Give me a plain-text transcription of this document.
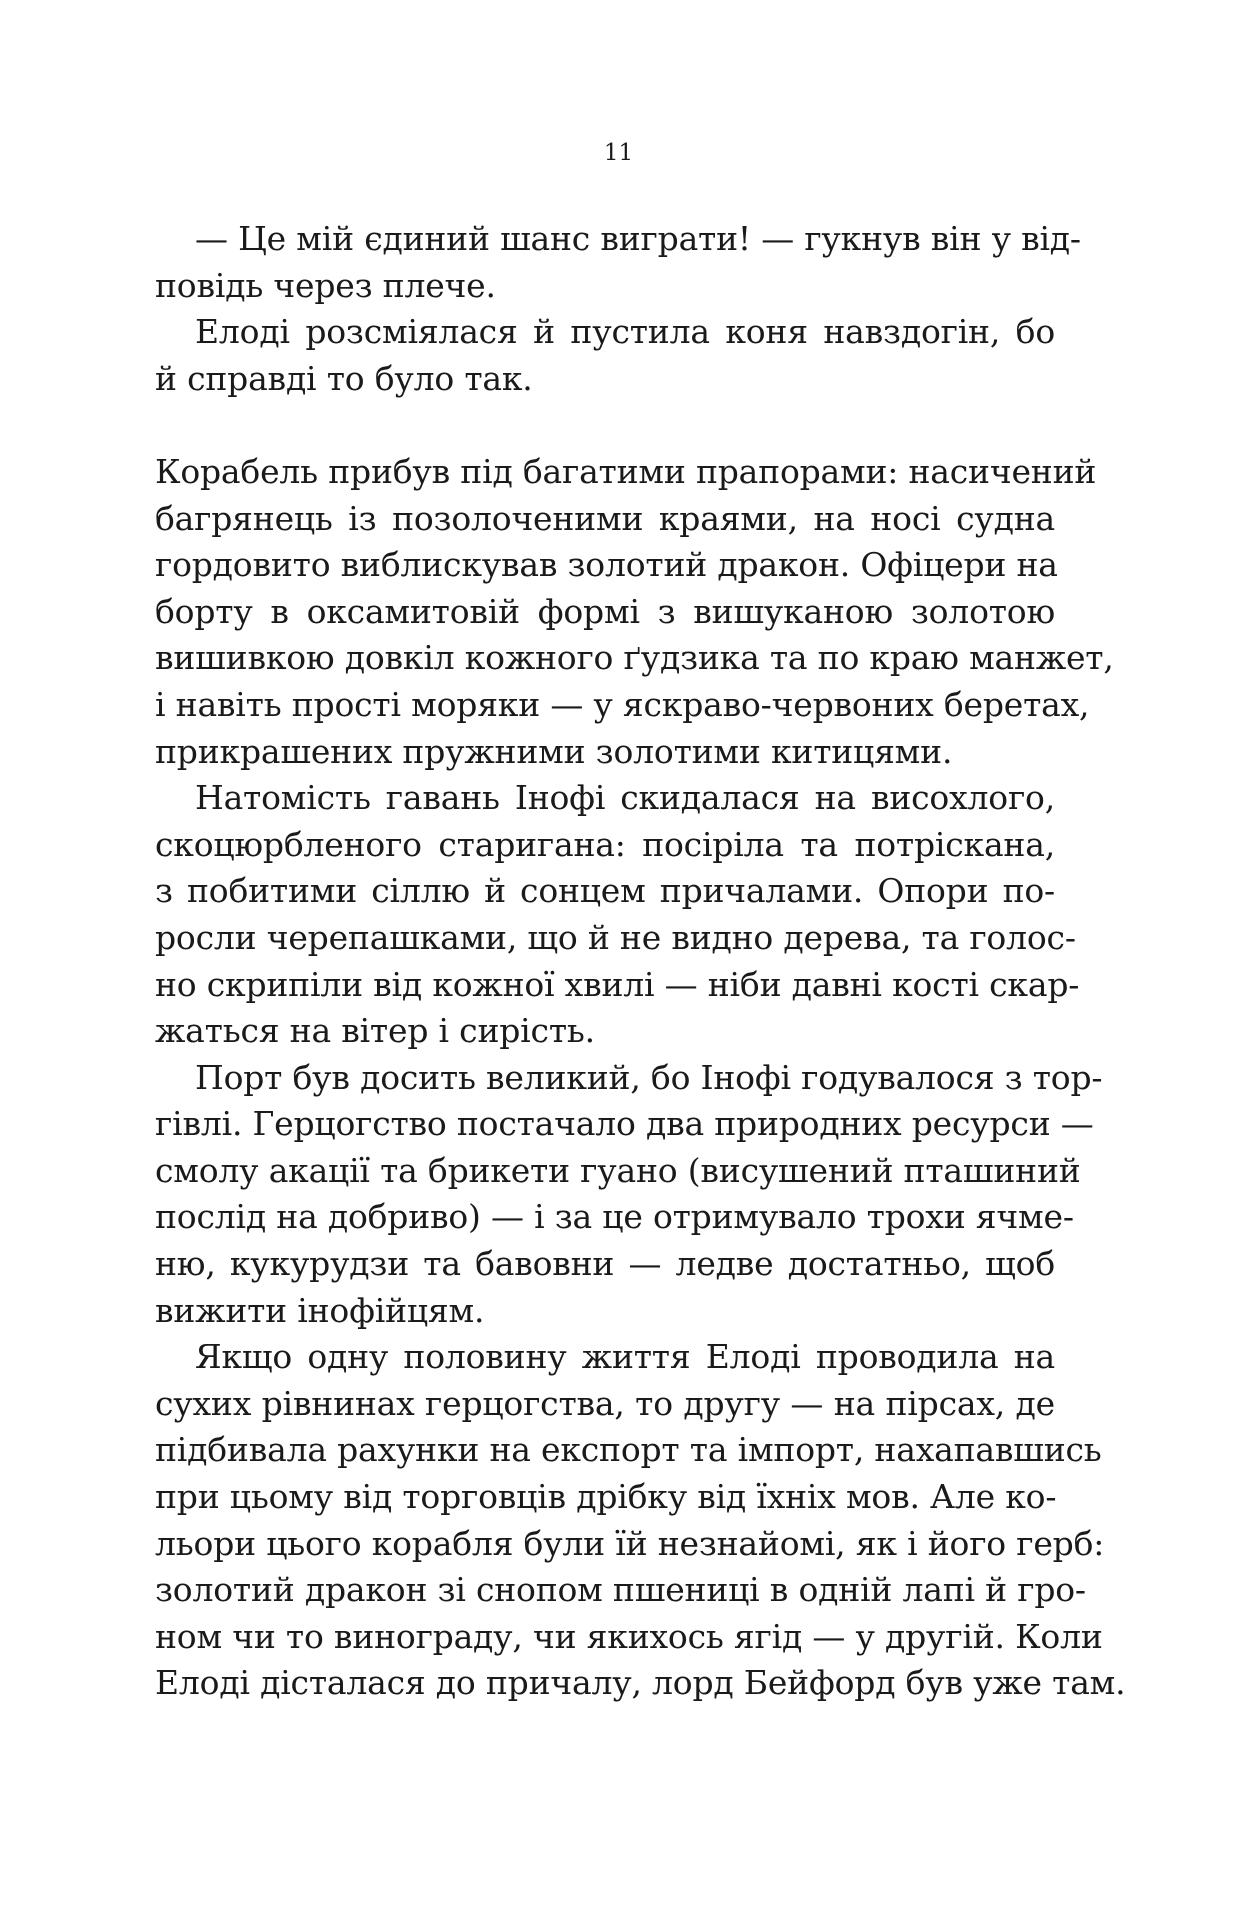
11

— Це мій єдиний шанс виграти! — гукнув він у від-
повідь через плече.

Елоді розсміялася й пустила коня навздогін, бо
й справді то було так.

Корабель прибув під багатими прапорами: насичений
багрянець із позолоченими краями, на носі судна
гордовито виблискував золотий дракон. Офіцери на
борту в оксамитовій формі з вишуканою золотою
вишивкою довкіл кожного ґудзика та по краю манжет,
і навіть прості моряки — у яскраво-червоних беретах,
прикрашених пружними золотими китицями.

Натомість гавань Інофі скидалася на висохлого,
скоцюрбленого старигана: посіріла та потріскана,
з побитими сіллю й сонцем причалами. Опори по-
росли черепашками, що й не видно дерева, та голос-
но скрипіли від кожної хвилі — ніби давні кості скар-
жаться на вітер і сирість.

Порт був досить великий, бо Інофі годувалося з тор-
гівлі. Герцогство постачало два природних ресурси —
смолу акації та брикети гуано (висушений пташиний
послід на добриво) — і за це отримувало трохи ячме-
ню, кукурудзи та бавовни — ледве достатньо, щоб
вижити інофійцям.

Якщо одну половину життя Елоді проводила на
сухих рівнинах герцогства, то другу — на пірсах, де
підбивала рахунки на експорт та імпорт, нахапавшись
при цьому від торговців дрібку від їхніх мов. Але ко-
льори цього корабля були їй незнайомі, як і його герб:
золотий дракон зі снопом пшениці в одній лапі й гро-
ном чи то винограду, чи якихось ягід — у другій. Коли
Елоді дісталася до причалу, лорд Бейфорд був уже там.
